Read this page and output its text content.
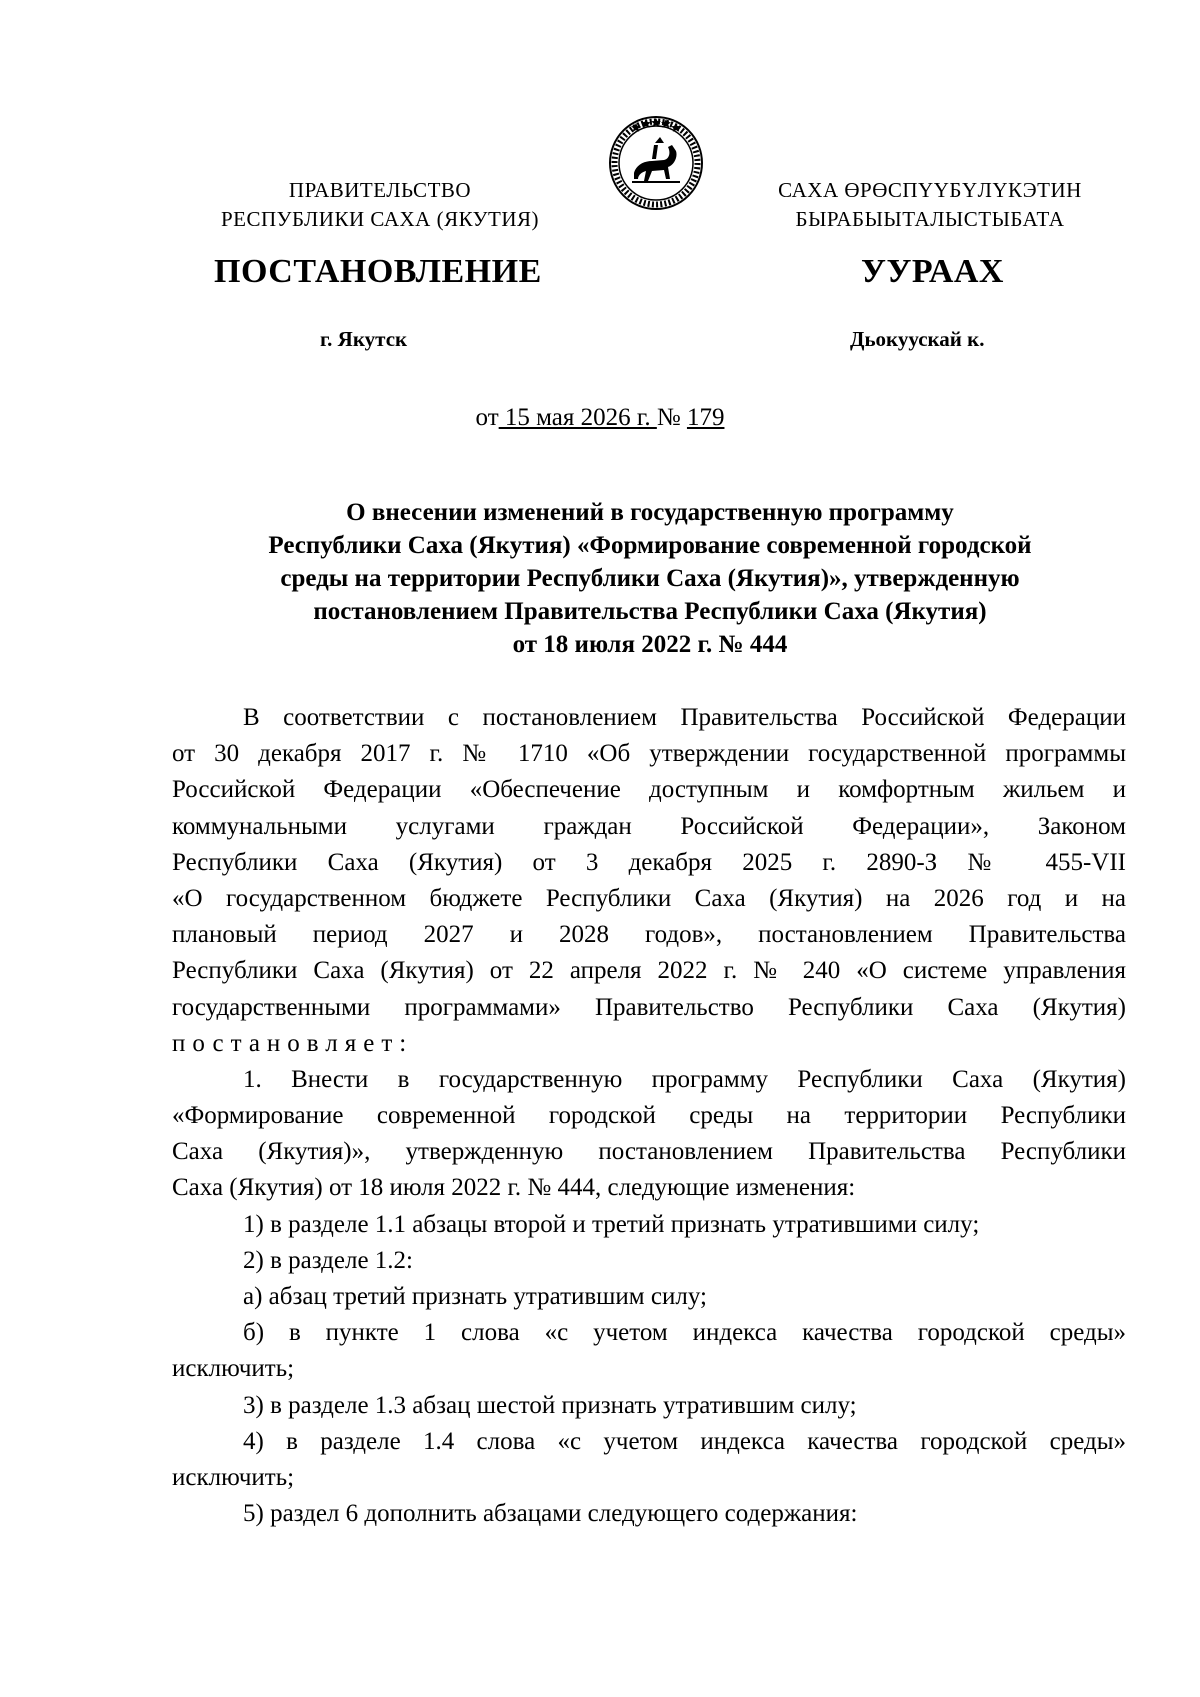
ПРАВИТЕЛЬСТВО
РЕСПУБЛИКИ САХА (ЯКУТИЯ)
САХА ӨРӨСПYYБYЛYКЭТИН
БЫРАБЫЫТАЛЫСТЫБАТА
ПОСТАНОВЛЕНИЕ	УУРААХ
г. Якутск	Дьокуускай к.
от 15 мая 2026 г. № 179
О внесении изменений в государственную программу
Республики Саха (Якутия) «Формирование современной городской
среды на территории Республики Саха (Якутия)», утвержденную
постановлением Правительства Республики Саха (Якутия)
от 18 июля 2022 г. № 444
В соответствии с постановлением Правительства Российской Федерации
от 30 декабря 2017 г. № 1710 «Об утверждении государственной программы
Российской Федерации «Обеспечение доступным и комфортным жильем и
коммунальными услугами граждан Российской Федерации», Законом
Республики Саха (Якутия) от 3 декабря 2025 г. 2890-З № 455-VII
«О государственном бюджете Республики Саха (Якутия) на 2026 год и на
плановый период 2027 и 2028 годов», постановлением Правительства
Республики Саха (Якутия) от 22 апреля 2022 г. № 240 «О системе управления
государственными программами» Правительство Республики Саха (Якутия)
постановляет:
1. Внести в государственную программу Республики Саха (Якутия)
«Формирование современной городской среды на территории Республики
Саха (Якутия)», утвержденную постановлением Правительства Республики
Саха (Якутия) от 18 июля 2022 г. № 444, следующие изменения:
1) в разделе 1.1 абзацы второй и третий признать утратившими силу;
2) в разделе 1.2:
а) абзац третий признать утратившим силу;
б) в пункте 1 слова «с учетом индекса качества городской среды»
исключить;
3) в разделе 1.3 абзац шестой признать утратившим силу;
4) в разделе 1.4 слова «с учетом индекса качества городской среды»
исключить;
5) раздел 6 дополнить абзацами следующего содержания:
